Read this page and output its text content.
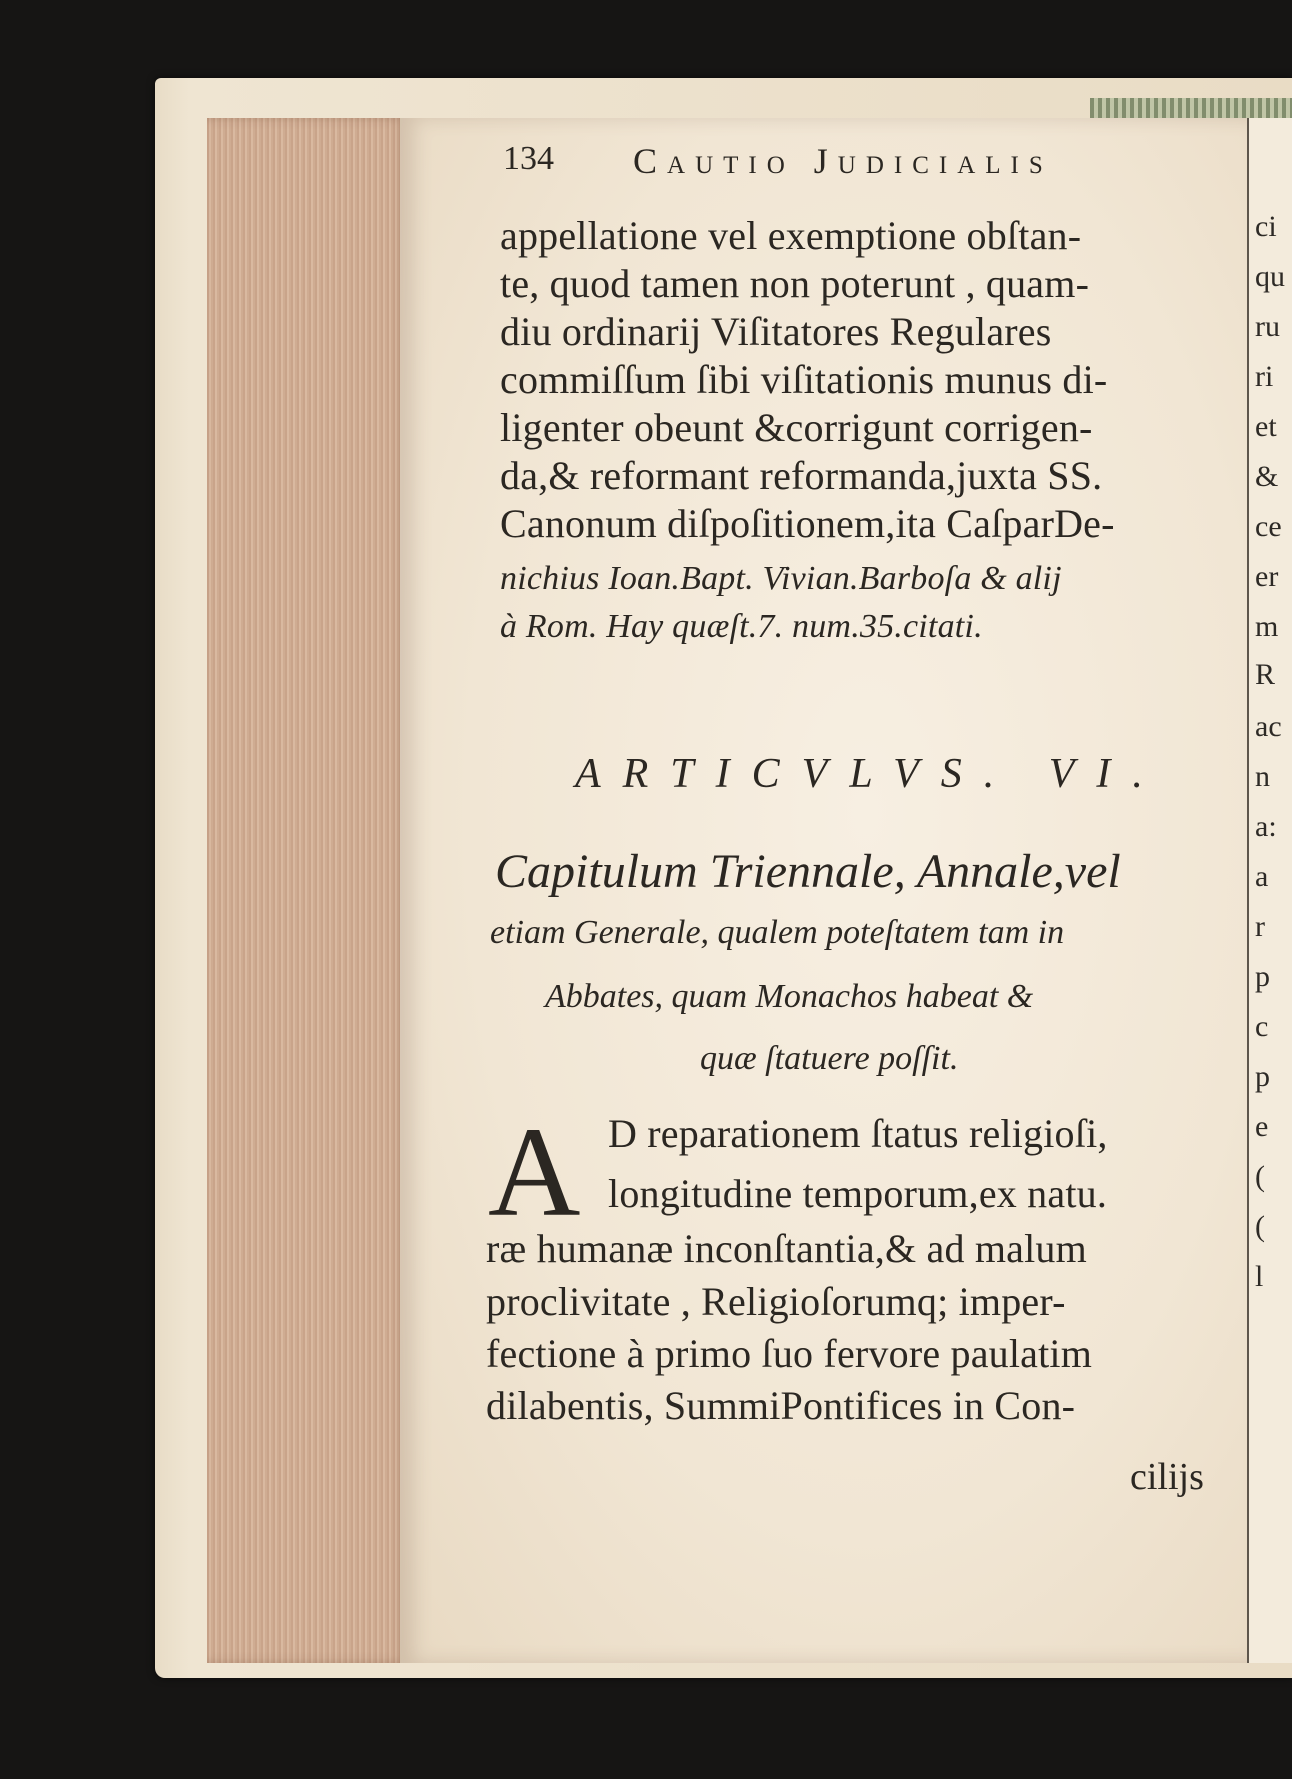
ci
qu
ru
ri
et
&
ce
er
m
R
ac
n
a:
a
r
p
c
p
e
(
(
l
134 Cautio Judicialis
appellatione vel exemptione obſtan-
te, quod tamen non poterunt , quam-
diu ordinarij Viſitatores Regulares
commiſſum ſibi viſitationis munus di-
ligenter obeunt &corrigunt corrigen-
da,& reformant reformanda,juxta SS.
Canonum diſpoſitionem,ita CaſparDe-
nichius Ioan.Bapt. Vivian.Barboſa & alij
à Rom. Hay quæſt.7. num.35.citati.
ARTICVLVS. VI.
Capitulum Triennale, Annale,vel
etiam Generale, qualem poteſtatem tam in
Abbates, quam Monachos habeat &
quæ ſtatuere poſſit.
A D reparationem ſtatus religioſi,
longitudine temporum,ex natu.
ræ humanæ inconſtantia,& ad malum
proclivitate , Religioſorumq; imper-
fectione à primo ſuo fervore paulatim
dilabentis, SummiPontifices in Con-
cilijs
